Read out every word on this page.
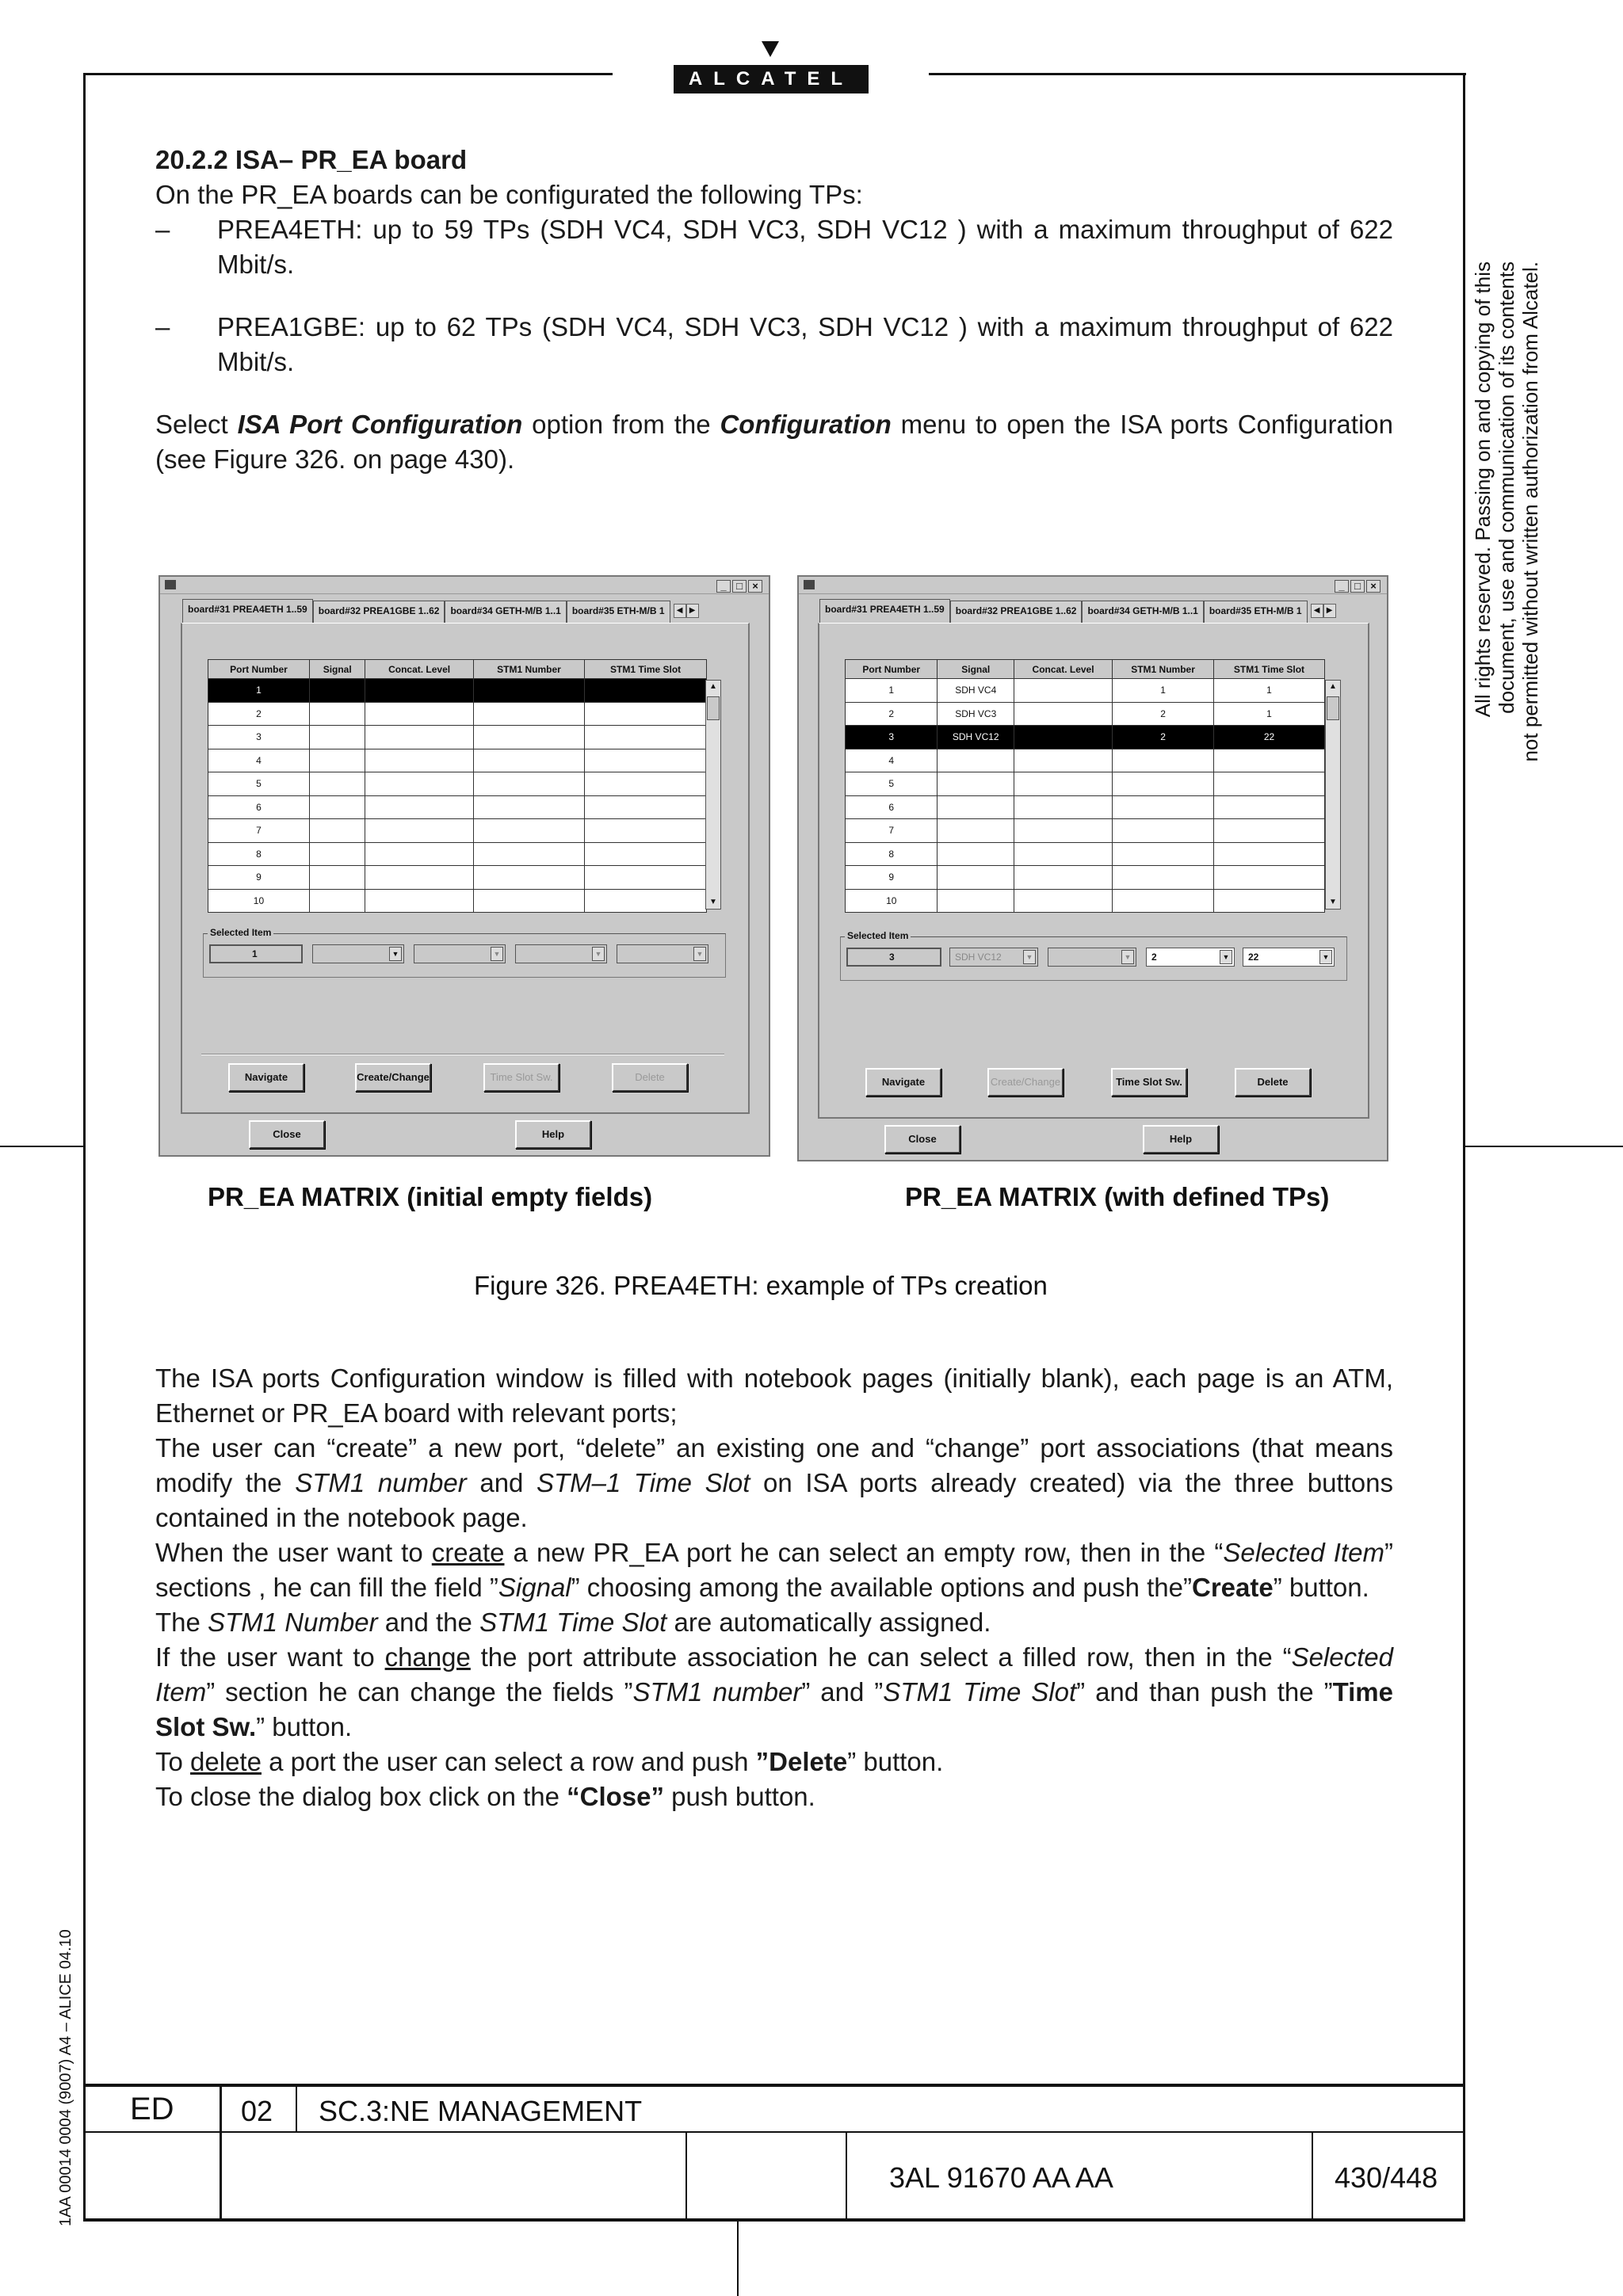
ALCATEL
All rights reserved. Passing on and copying of this document, use and communication of its contents not permitted without written authorization from Alcatel.
1AA 00014 0004 (9007) A4 – ALICE 04.10

20.2.2 ISA– PR_EA board

On the PR_EA boards can be configurated the following TPs:

–	PREA4ETH: up to 59 TPs (SDH VC4, SDH VC3, SDH VC12 ) with a maximum throughput of 622 Mbit/s.
–	PREA1GBE: up to 62 TPs (SDH VC4, SDH VC3, SDH VC12 ) with a maximum throughput of 622 Mbit/s.

Select ISA Port Configuration option from the Configuration menu to open the ISA ports Configuration (see Figure 326. on page 430).

_ □ ×
board#31 PREA4ETH 1..59	board#32 PREA1GBE 1..62	board#34 GETH-M/B 1..1	board#35 ETH-M/B 1	◀ ▶
Port Number	Signal	Concat. Level	STM1 Number	STM1 Time Slot
1				
2				
3				
4				
5				
6				
7				
8				
9				
10				
▲
▼
Selected Item
1	▼	▼	▼	▼
Navigate	Create/Change	Time Slot Sw.	Delete
Close	Help
_ □ ×
board#31 PREA4ETH 1..59	board#32 PREA1GBE 1..62	board#34 GETH-M/B 1..1	board#35 ETH-M/B 1	◀ ▶
Port Number	Signal	Concat. Level	STM1 Number	STM1 Time Slot
1	SDH VC4		1	1
2	SDH VC3		2	1
3	SDH VC12		2	22
4				
5				
6				
7				
8				
9				
10				
▲
▼
Selected Item
3	SDH VC12	▼	▼	2	▼	22	▼
Navigate	Create/Change	Time Slot Sw.	Delete
Close	Help
PR_EA MATRIX (initial empty fields)	PR_EA MATRIX (with defined TPs)
Figure 326. PREA4ETH: example of TPs creation

The ISA ports Configuration window is filled with notebook pages (initially blank), each page is an ATM, Ethernet or PR_EA board with relevant ports;

The user can “create” a new port, “delete” an existing one and “change” port associations (that means modify the STM1 number and STM–1 Time Slot on ISA ports already created) via the three buttons contained in the notebook page.

When the user want to create a new PR_EA port he can select an empty row, then in the “Selected Item” sections , he can fill the field ”Signal” choosing among the available options and push the”Create” button.

The STM1 Number and the STM1 Time Slot are automatically assigned.

If the user want to change the port attribute association he can select a filled row, then in the “Selected Item” section he can change the fields ”STM1 number” and ”STM1 Time Slot” and than push the ”Time Slot Sw.” button.

To delete a port the user can select a row and push ”Delete” button.

To close the dialog box click on the “Close” push button.

ED 02 SC.3:NE MANAGEMENT
3AL 91670 AA AA	430/448
